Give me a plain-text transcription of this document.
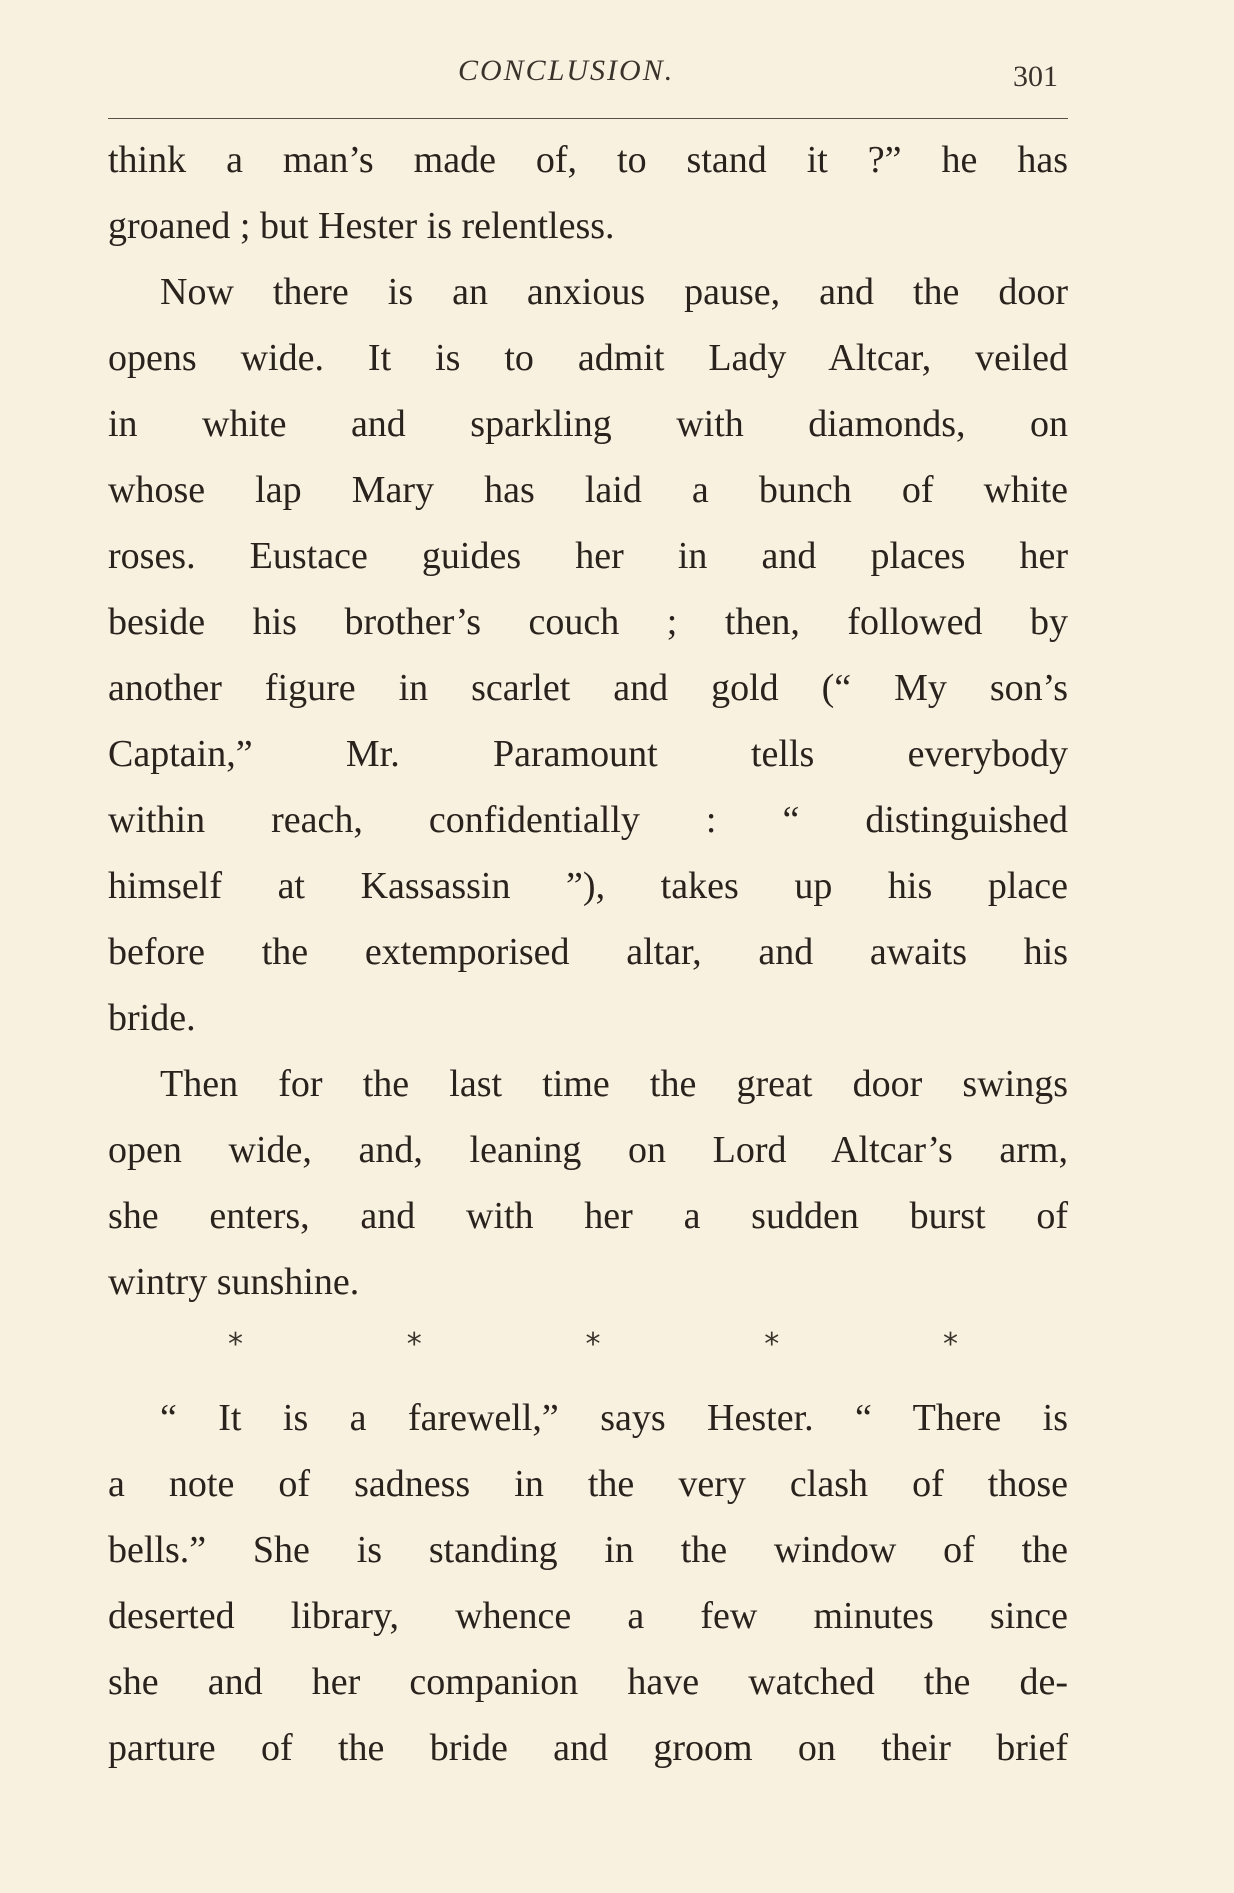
CONCLUSION.	301
think a man’s made of, to stand it ?” he has
groaned ; but Hester is relentless.
Now there is an anxious pause, and the door
opens wide. It is to admit Lady Altcar, veiled
in white and sparkling with diamonds, on
whose lap Mary has laid a bunch of white
roses. Eustace guides her in and places her
beside his brother’s couch ; then, followed by
another figure in scarlet and gold (“ My son’s
Captain,” Mr. Paramount tells everybody
within reach, confidentially : “ distinguished
himself at Kassassin ”), takes up his place
before the extemporised altar, and awaits his
bride.
Then for the last time the great door swings
open wide, and, leaning on Lord Altcar’s arm,
she enters, and with her a sudden burst of
wintry sunshine.
*	*	*	*	*
“ It is a farewell,” says Hester. “ There is
a note of sadness in the very clash of those
bells.” She is standing in the window of the
deserted library, whence a few minutes since
she and her companion have watched the de-
parture of the bride and groom on their brief
